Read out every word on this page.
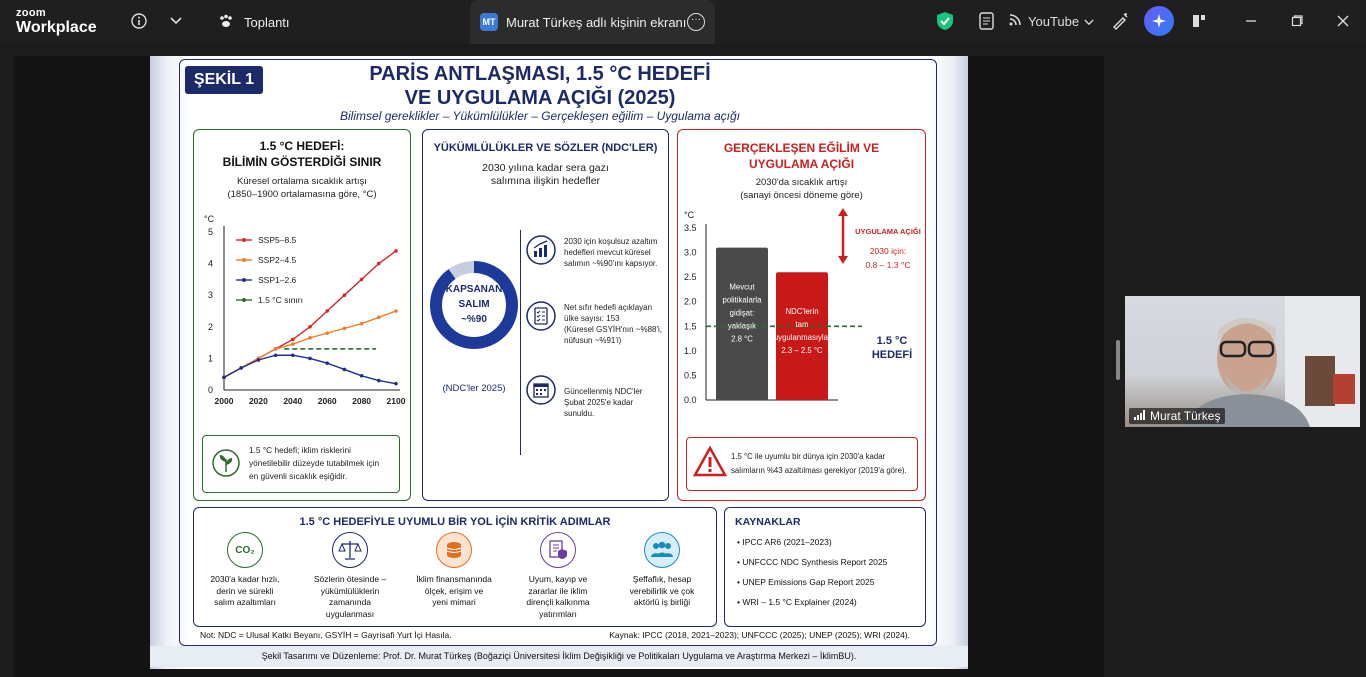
zoom
Workplace	Toplantı	MT Murat Türkeş adlı kişinin ekranı ···	YouTube
ŞEKİL 1	PARİS ANTLAŞMASI, 1.5 °C HEDEFİ
VE UYGULAMA AÇIĞI (2025)
Bilimsel gereklikler – Yükümlülükler – Gerçekleşen eğilim – Uygulama açığı
1.5 °C HEDEFİ:
BİLİMİN GÖSTERDİĞİ SINIR
Küresel ortalama sıcaklık artışı
(1850–1900 ortalamasına göre, °C)
°C
0
1
2
3
4
5
2000 2020 2040 2060 2080 2100
SSP5–8.5
SSP2–4.5
SSP1–2.6
1.5 °C sınırı
1.5 °C hedefi; iklim risklerini
yönetilebilir düzeyde tutabilmek için
en güvenli sıcaklık eşiğidir.
YÜKÜMLÜLÜKLER VE SÖZLER (NDC'LER)
2030 yılına kadar sera gazı
salımına ilişkin hedefler
KAPSANAN
SALIM
~%90
(NDC'ler 2025)
2030 için koşulsuz azaltım
hedefleri mevcut küresel
salımın ~%90'ını kapsıyor.
Net sıfır hedefi açıklayan
ülke sayısı: 153
(Küresel GSYİH'nın ~%88'i,
nüfusun ~%91'i)
Güncellenmiş NDC'ler
Şubat 2025'e kadar
sunuldu.
GERÇEKLEŞEN EĞİLİM VE
UYGULAMA AÇIĞI
2030'da sıcaklık artışı
(sanayi öncesi döneme göre)
°C
0.0
0.5
1.0
1.5
2.0
2.5
3.0
3.5
Mevcut
politikalarla
gidişat:
yaklaşık
2.8 °C
NDC'lerin
tam
uygulanmasıyla:
2.3 – 2.5 °C
UYGULAMA AÇIĞI
2030 için:
0.8 – 1.3 °C
1.5 °C
HEDEFİ
1.5 °C ile uyumlu bir dünya için 2030'a kadar
salımların %43 azaltılması gerekiyor (2019'a göre).
1.5 °C HEDEFİYLE UYUMLU BİR YOL İÇİN KRİTİK ADIMLAR
CO₂
2030'a kadar hızlı,
derin ve sürekli
salım azaltımları
Sözlerin ötesinde –
yükümlülüklerin
zamanında
uygulanması
İklim finansmanında
ölçek, erişim ve
yeni mimari
Uyum, kayıp ve
zararlar ile iklim
dirençli kalkınma
yatırımları
Şeffaflık, hesap
verebilirlik ve çok
aktörlü iş birliği
KAYNAKLAR
• IPCC AR6 (2021–2023)
• UNFCCC NDC Synthesis Report 2025
• UNEP Emissions Gap Report 2025
• WRI – 1.5 °C Explainer (2024)
Not: NDC = Ulusal Katkı Beyanı, GSYİH = Gayrisafi Yurt İçi Hasıla.	Kaynak: IPCC (2018, 2021–2023); UNFCCC (2025); UNEP (2025); WRI (2024).
Şekil Tasarımı ve Düzenleme: Prof. Dr. Murat Türkeş (Boğaziçi Üniversitesi İklim Değişikliği ve Politikaları Uygulama ve Araştırma Merkezi – İklimBU).
Murat Türkeş
